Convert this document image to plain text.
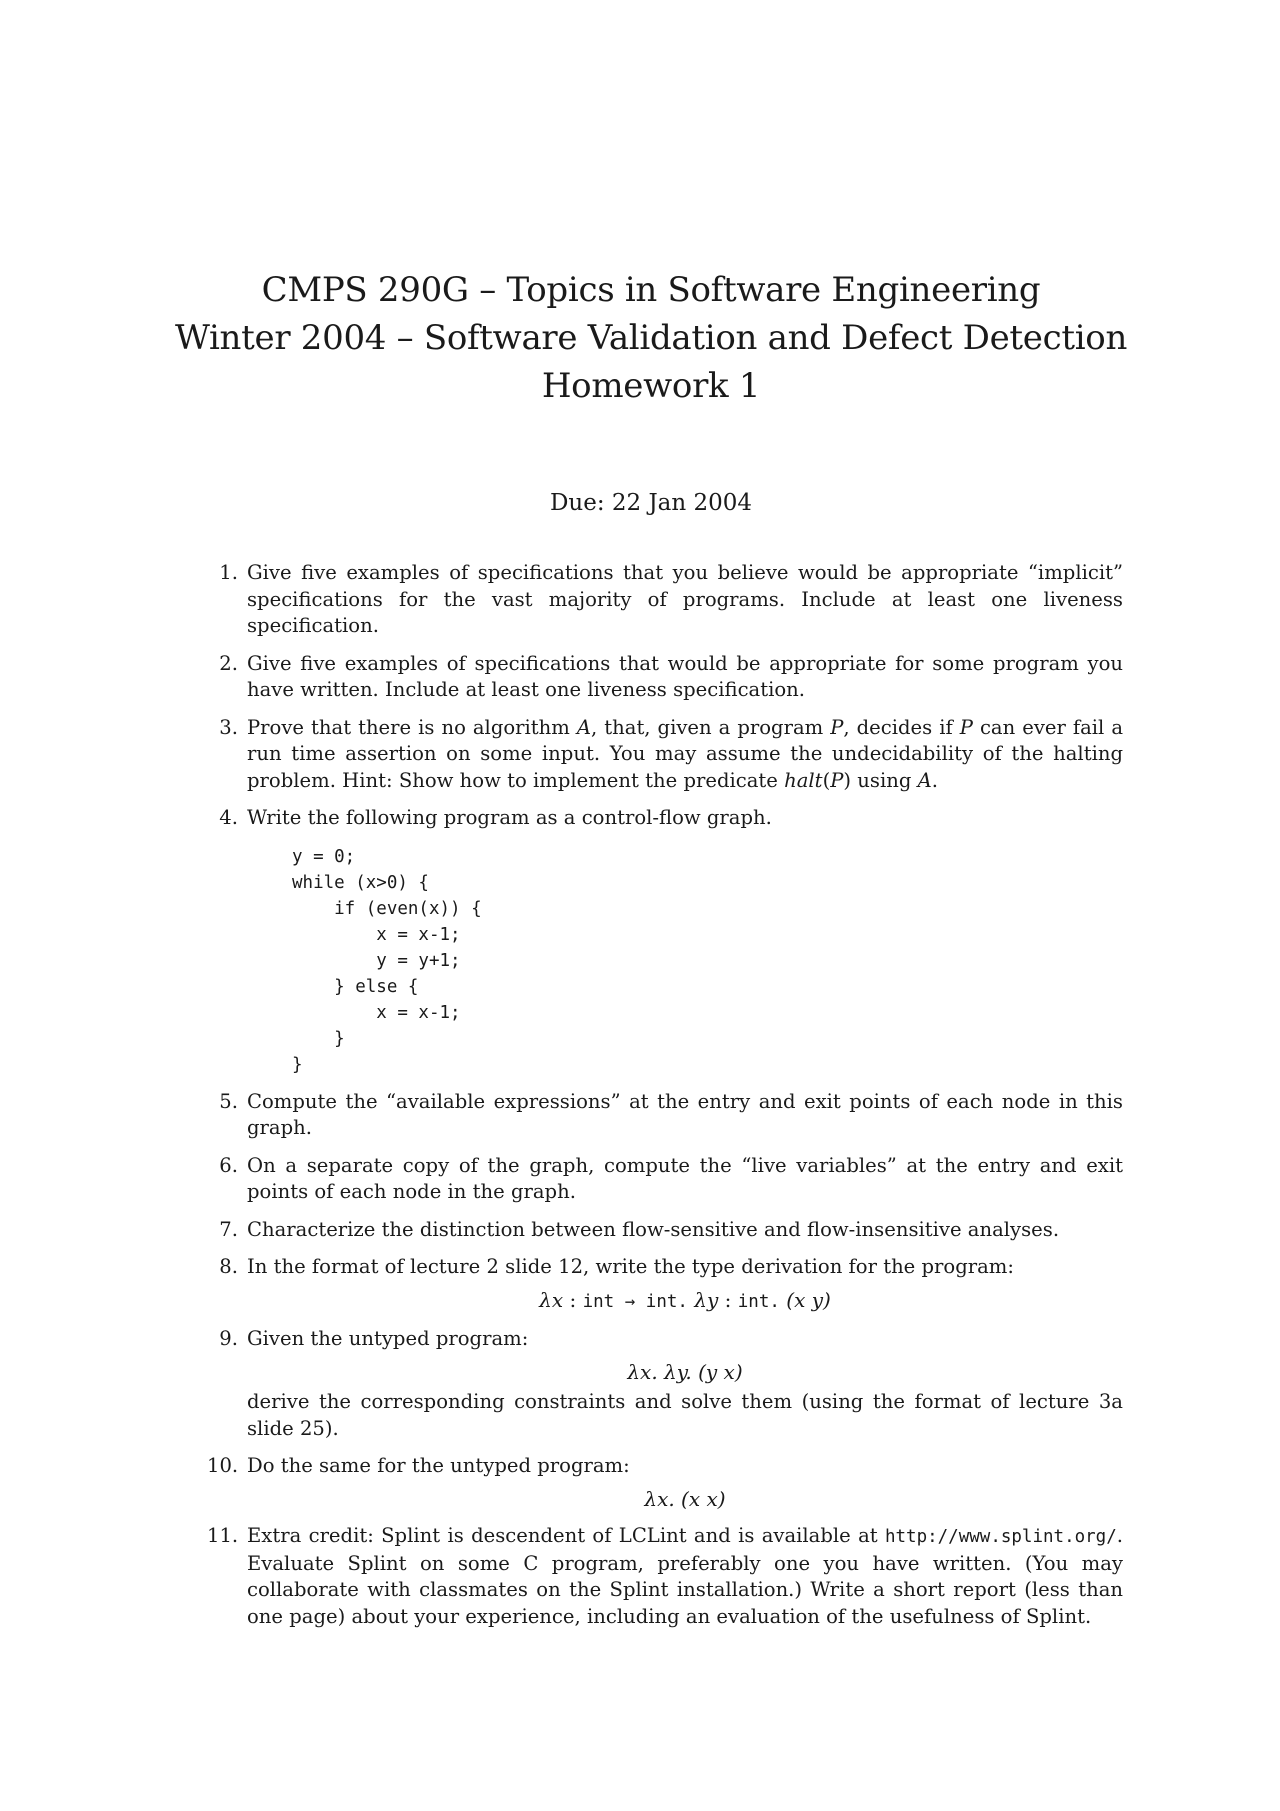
CMPS 290G – Topics in Software Engineering
Winter 2004 – Software Validation and Defect Detection
Homework 1
Due: 22 Jan 2004
1. Give five examples of specifications that you believe would be appropriate “implicit” specifications for the vast majority of programs. Include at least one liveness specification.
2. Give five examples of specifications that would be appropriate for some program you have written. Include at least one liveness specification.
3. Prove that there is no algorithm A, that, given a program P, decides if P can ever fail a run time assertion on some input. You may assume the undecidability of the halting problem. Hint: Show how to implement the predicate halt(P) using A.
4. Write the following program as a control-flow graph.
y = 0;
while (x>0) {
if (even(x)) {
x = x-1;
y = y+1;
} else {
x = x-1;
}
}
5. Compute the “available expressions” at the entry and exit points of each node in this graph.
6. On a separate copy of the graph, compute the “live variables” at the entry and exit points of each node in the graph.
7. Characterize the distinction between flow-sensitive and flow-insensitive analyses.
8. In the format of lecture 2 slide 12, write the type derivation for the program:
λx : int → int. λy : int. (x y)
9. Given the untyped program:
λx. λy. (y x)
derive the corresponding constraints and solve them (using the format of lecture 3a slide 25).
10. Do the same for the untyped program:
λx. (x x)
11. Extra credit: Splint is descendent of LCLint and is available at http://www.splint.org/. Evaluate Splint on some C program, preferably one you have written. (You may collaborate with classmates on the Splint installation.) Write a short report (less than one page) about your experience, including an evaluation of the usefulness of Splint.
